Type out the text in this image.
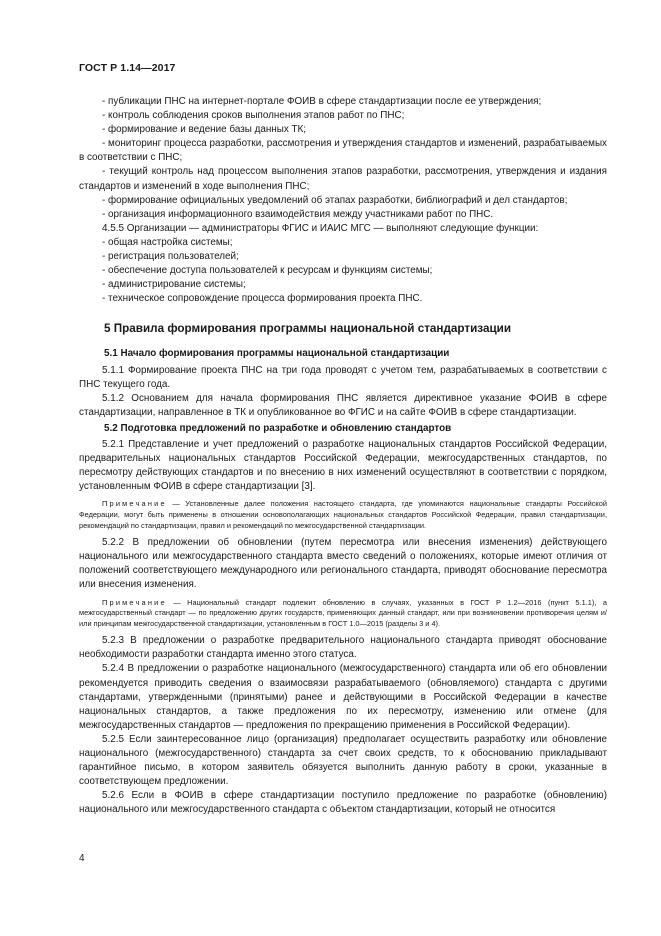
ГОСТ Р 1.14—2017

- публикации ПНС на интернет-портале ФОИВ в сфере стандартизации после ее утверждения;

- контроль соблюдения сроков выполнения этапов работ по ПНС;

- формирование и ведение базы данных ТК;

- мониторинг процесса разработки, рассмотрения и утверждения стандартов и изменений, разрабатываемых в соответствии с ПНС;

- текущий контроль над процессом выполнения этапов разработки, рассмотрения, утверждения и издания стандартов и изменений в ходе выполнения ПНС;

- формирование официальных уведомлений об этапах разработки, библиографий и дел стандартов;

- организация информационного взаимодействия между участниками работ по ПНС.

4.5.5 Организации — администраторы ФГИС и ИАИС МГС — выполняют следующие функции:

- общая настройка системы;

- регистрация пользователей;

- обеспечение доступа пользователей к ресурсам и функциям системы;

- администрирование системы;

- техническое сопровождение процесса формирования проекта ПНС.

5 Правила формирования программы национальной стандартизации
5.1 Начало формирования программы национальной стандартизации

5.1.1 Формирование проекта ПНС на три года проводят с учетом тем, разрабатываемых в соответствии с ПНС текущего года.

5.1.2 Основанием для начала формирования ПНС является директивное указание ФОИВ в сфере стандартизации, направленное в ТК и опубликованное во ФГИС и на сайте ФОИВ в сфере стандартизации.

5.2 Подготовка предложений по разработке и обновлению стандартов

5.2.1 Представление и учет предложений о разработке национальных стандартов Российской Федерации, предварительных национальных стандартов Российской Федерации, межгосударственных стандартов, по пересмотру действующих стандартов и по внесению в них изменений осуществляют в соответствии с порядком, установленным ФОИВ в сфере стандартизации [3].

Примечание — Установленные далее положения настоящего стандарта, где упоминаются национальные стандарты Российской Федерации, могут быть применены в отношении основополагающих национальных стандартов Российской Федерации, правил стандартизации, рекомендаций по стандартизации, правил и рекомендаций по межгосударственной стандартизации.

5.2.2 В предложении об обновлении (путем пересмотра или внесения изменения) действующего национального или межгосударственного стандарта вместо сведений о положениях, которые имеют отличия от положений соответствующего международного или регионального стандарта, приводят обоснование пересмотра или внесения изменения.

Примечание — Национальный стандарт подлежит обновлению в случаях, указанных в ГОСТ Р 1.2—2016 (пункт 5.1.1), а межгосударственный стандарт — по предложению других государств, применяющих данный стандарт, или при возникновении противоречия целям и/или принципам межгосударственной стандартизации, установленным в ГОСТ 1.0—2015 (разделы 3 и 4).

5.2.3 В предложении о разработке предварительного национального стандарта приводят обоснование необходимости разработки стандарта именно этого статуса.

5.2.4 В предложении о разработке национального (межгосударственного) стандарта или об его обновлении рекомендуется приводить сведения о взаимосвязи разрабатываемого (обновляемого) стандарта с другими стандартами, утвержденными (принятыми) ранее и действующими в Российской Федерации в качестве национальных стандартов, а также предложения по их пересмотру, изменению или отмене (для межгосударственных стандартов — предложения по прекращению применения в Российской Федерации).

5.2.5 Если заинтересованное лицо (организация) предполагает осуществить разработку или обновление национального (межгосударственного) стандарта за счет своих средств, то к обоснованию прикладывают гарантийное письмо, в котором заявитель обязуется выполнить данную работу в сроки, указанные в соответствующем предложении.

5.2.6 Если в ФОИВ в сфере стандартизации поступило предложение по разработке (обновлению) национального или межгосударственного стандарта с объектом стандартизации, который не относится

4
